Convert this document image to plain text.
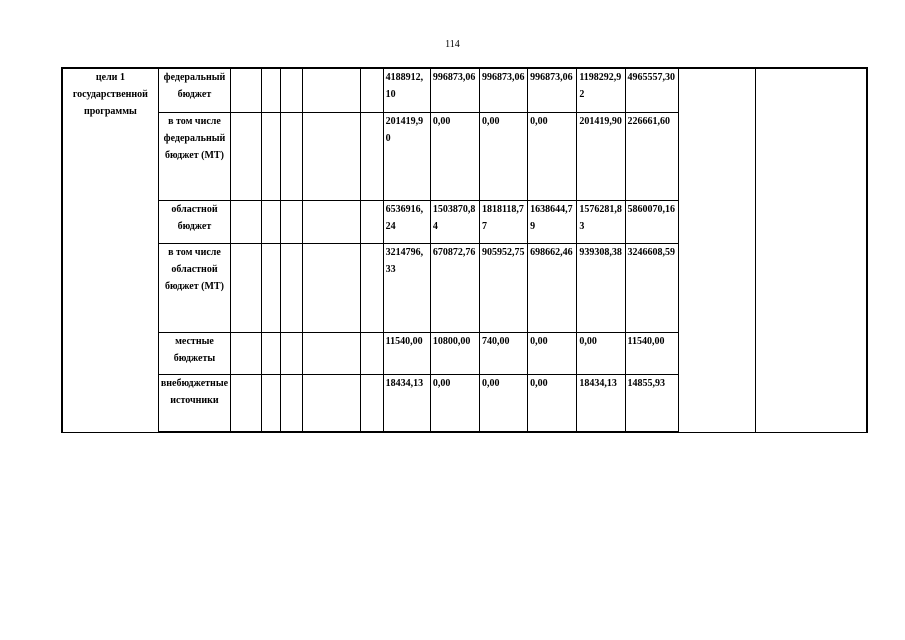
114
цели 1 государственной программы	федеральный бюджет						4188912,10	996873,06	996873,06	996873,06	1198292,92	4965557,30		
	в том числе федеральный бюджет (МТ)						201419,90	0,00	0,00	0,00	201419,90	226661,60		
	областной бюджет						6536916,24	1503870,84	1818118,77	1638644,79	1576281,83	5860070,16		
	в том числе областной бюджет (МТ)						3214796,33	670872,76	905952,75	698662,46	939308,38	3246608,59		
	местные бюджеты						11540,00	10800,00	740,00	0,00	0,00	11540,00		
	внебюджетные источники						18434,13	0,00	0,00	0,00	18434,13	14855,93		
